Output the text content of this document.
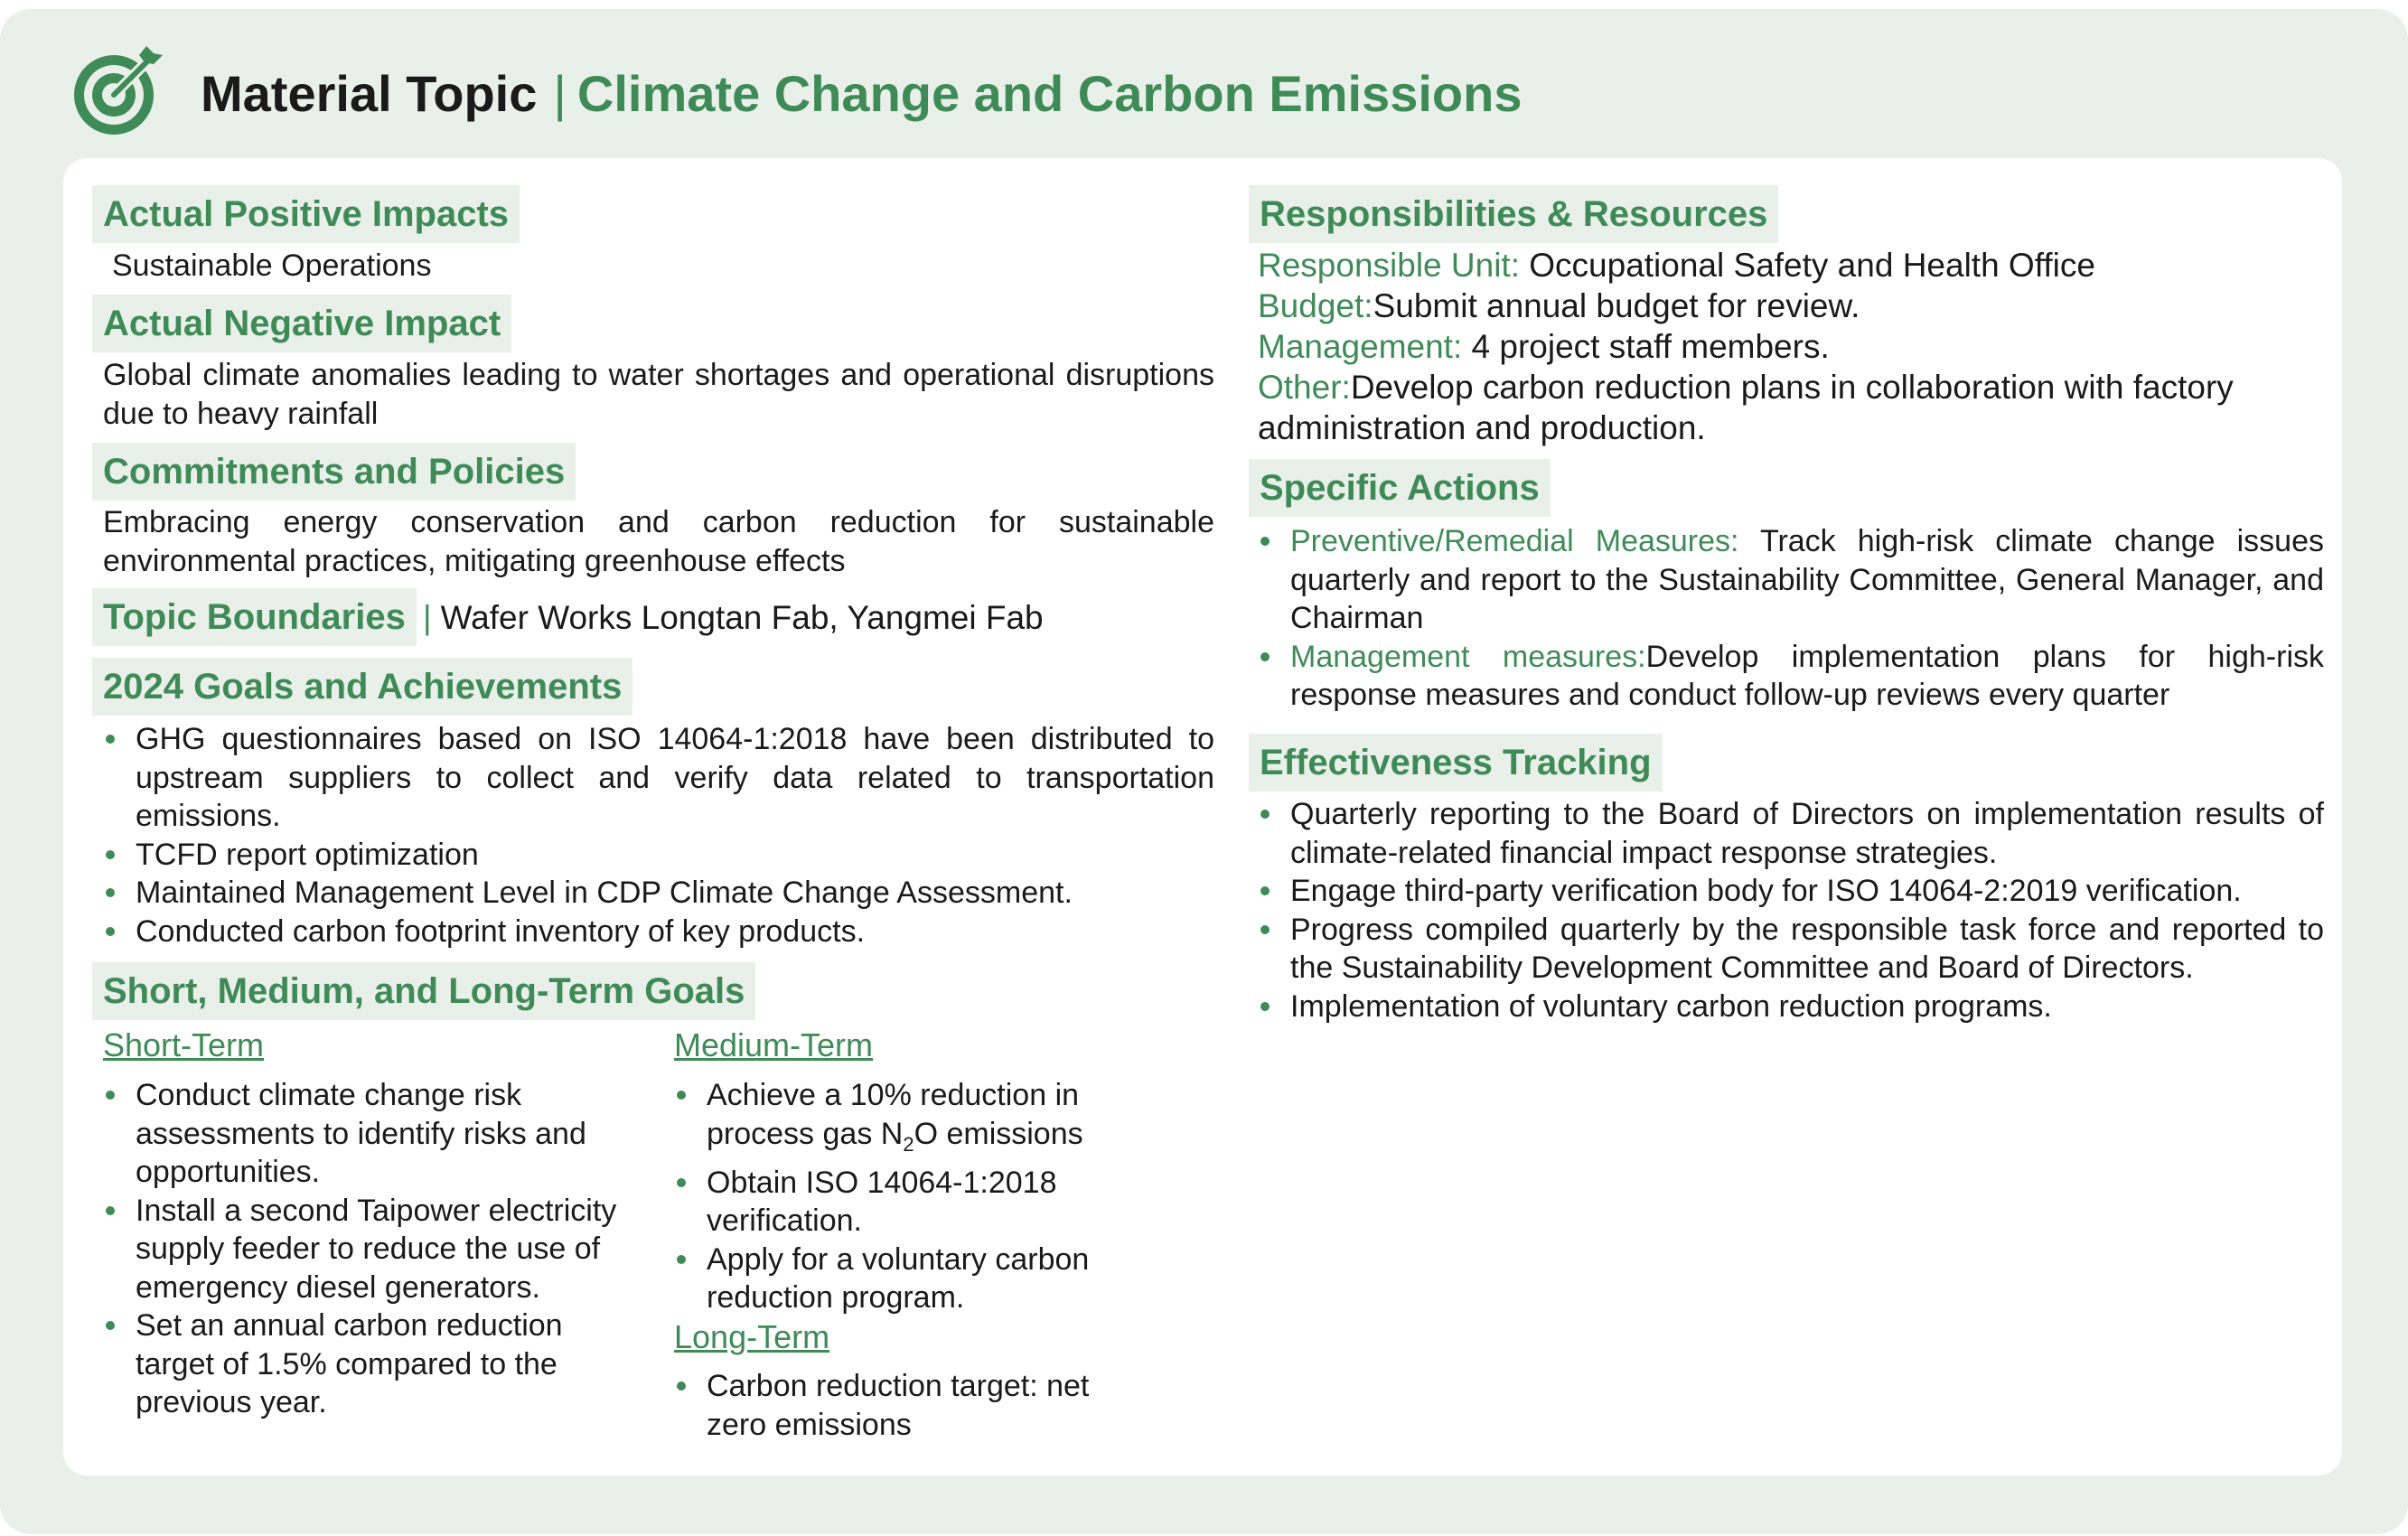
Material Topic | Climate Change and Carbon Emissions
Actual Positive Impacts
Sustainable Operations
Actual Negative Impact
Global climate anomalies leading to water shortages and operational disruptions due to heavy rainfall
Commitments and Policies
Embracing energy conservation and carbon reduction for sustainable environmental practices, mitigating greenhouse effects
Topic Boundaries | Wafer Works Longtan Fab, Yangmei Fab
2024 Goals and Achievements
GHG questionnaires based on ISO 14064-1:2018 have been distributed to upstream suppliers to collect and verify data related to transportation emissions.
TCFD report optimization
Maintained Management Level in CDP Climate Change Assessment.
Conducted carbon footprint inventory of key products.
Short, Medium, and Long-Term Goals
Short-Term
Conduct climate change risk assessments to identify risks and opportunities.
Install a second Taipower electricity supply feeder to reduce the use of emergency diesel generators.
Set an annual carbon reduction target of 1.5% compared to the previous year.
Medium-Term
Achieve a 10% reduction in process gas $N_2O$ emissions
Obtain ISO 14064-1:2018 verification.
Apply for a voluntary carbon reduction program.
Long-Term
Carbon reduction target: net zero emissions
Responsibilities & Resources
Responsible Unit: Occupational Safety and Health Office
Budget:Submit annual budget for review.
Management: 4 project staff members.
Other:Develop carbon reduction plans in collaboration with factory administration and production.
Specific Actions
Preventive/Remedial Measures: Track high-risk climate change issues quarterly and report to the Sustainability Committee, General Manager, and Chairman
Management measures:Develop implementation plans for high-risk response measures and conduct follow-up reviews every quarter
Effectiveness Tracking
Quarterly reporting to the Board of Directors on implementation results of climate-related financial impact response strategies.
Engage third-party verification body for ISO 14064-2:2019 verification.
Progress compiled quarterly by the responsible task force and reported to the Sustainability Development Committee and Board of Directors.
Implementation of voluntary carbon reduction programs.
